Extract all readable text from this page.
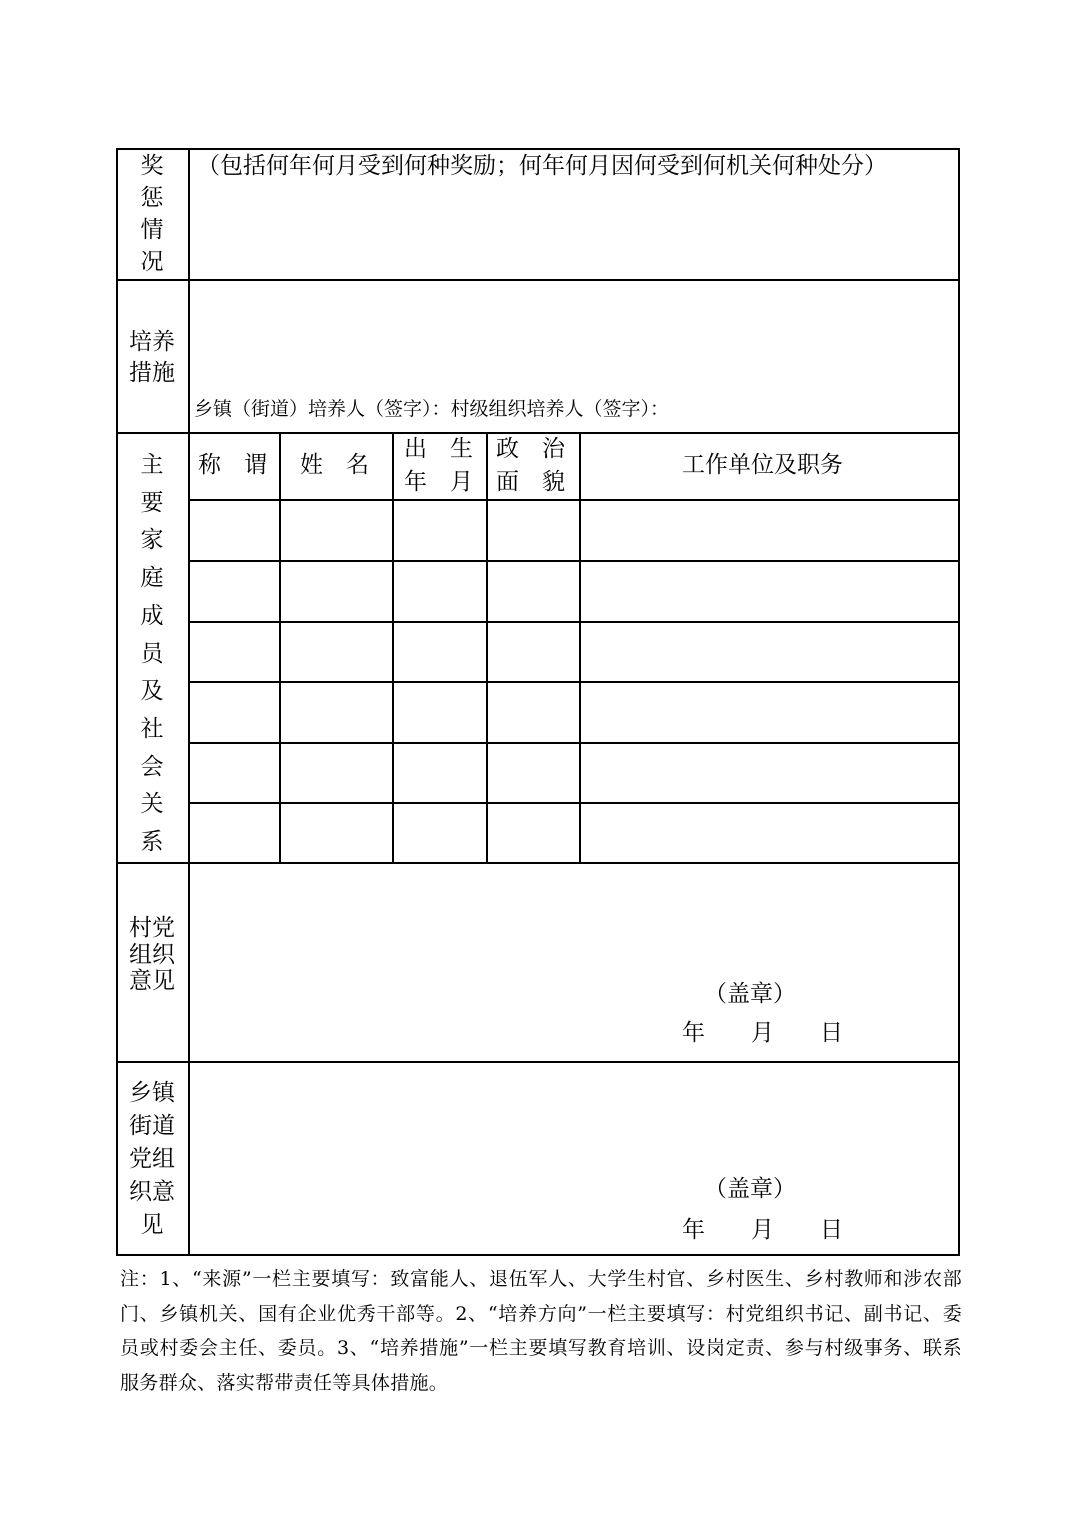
奖
惩
情
况
（包括何年何月受到何种奖励；何年何月因何受到何机关何种处分）
培养
措施
乡镇（街道）培养人（签字）：村级组织培养人（签字）：
主
要
家
庭
成
员
及
社
会
关
系
称　谓 姓　名
出　生
年　月
政　治
面　貌
工作单位及职务
村党
组织
意见	（盖章）
年　　月　　日
乡镇
街道
党组
织意
见
（盖章）
年　　月　　日
注：1、“来源”一栏主要填写：致富能人、退伍军人、大学生村官、乡村医生、乡村教师和涉农部门、乡镇机关、国有企业优秀干部等。2、“培养方向”一栏主要填写：村党组织书记、副书记、委员或村委会主任、委员。3、“培养措施”一栏主要填写教育培训、设岗定责、参与村级事务、联系服务群众、落实帮带责任等具体措施。
